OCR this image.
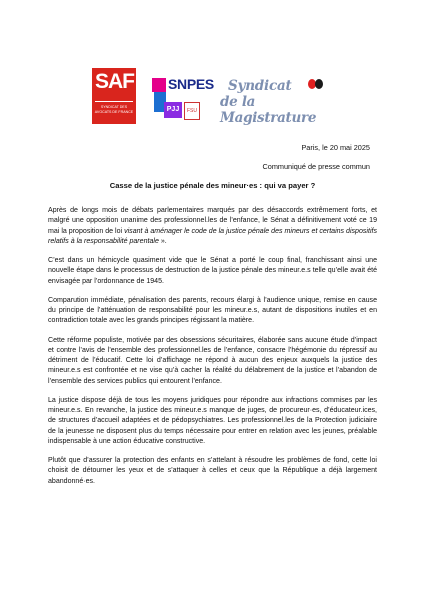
SAF
SYNDICAT DES AVOCATS DE FRANCE
SNPES
PJJ	FSU
Syndicat
de la Magistrature
Paris, le 20 mai 2025
Communiqué de presse commun
Casse de la justice pénale des mineur·es : qui va payer ?

Après de longs mois de débats parlementaires marqués par des désaccords extrêmement forts, et malgré une opposition unanime des professionnel.les de l’enfance, le Sénat a définitivement voté ce 19 mai la proposition de loi visant à aménager le code de la justice pénale des mineurs et certains dispositifs relatifs à la responsabilité parentale ».

C’est dans un hémicycle quasiment vide que le Sénat a porté le coup final, franchissant ainsi une nouvelle étape dans le processus de destruction de la justice pénale des mineur.e.s telle qu’elle avait été envisagée par l’ordonnance de 1945.

Comparution immédiate, pénalisation des parents, recours élargi à l’audience unique, remise en cause du principe de l’atténuation de responsabilité pour les mineur.e.s, autant de dispositions inutiles et en contradiction totale avec les grands principes régissant la matière.

Cette réforme populiste, motivée par des obsessions sécuritaires, élaborée sans aucune étude d’impact et contre l’avis de l’ensemble des professionnel.les de l’enfance, consacre l’hégémonie du répressif au détriment de l’éducatif. Cette loi d’affichage ne répond à aucun des enjeux auxquels la justice des mineur.e.s est confrontée et ne vise qu’à cacher la réalité du délabrement de la justice et l’abandon de l’ensemble des services publics qui entourent l’enfance.

La justice dispose déjà de tous les moyens juridiques pour répondre aux infractions commises par les mineur.e.s. En revanche, la justice des mineur.e.s manque de juges, de procureur·es, d’éducateur.ices, de structures d’accueil adaptées et de pédopsychiatres. Les professionnel.les de la Protection judiciaire de la jeunesse ne disposent plus du temps nécessaire pour entrer en relation avec les jeunes, préalable indispensable à une action éducative constructive.

Plutôt que d’assurer la protection des enfants en s’attelant à résoudre les problèmes de fond, cette loi choisit de détourner les yeux et de s’attaquer à celles et ceux que la République a déjà largement abandonné·es.
